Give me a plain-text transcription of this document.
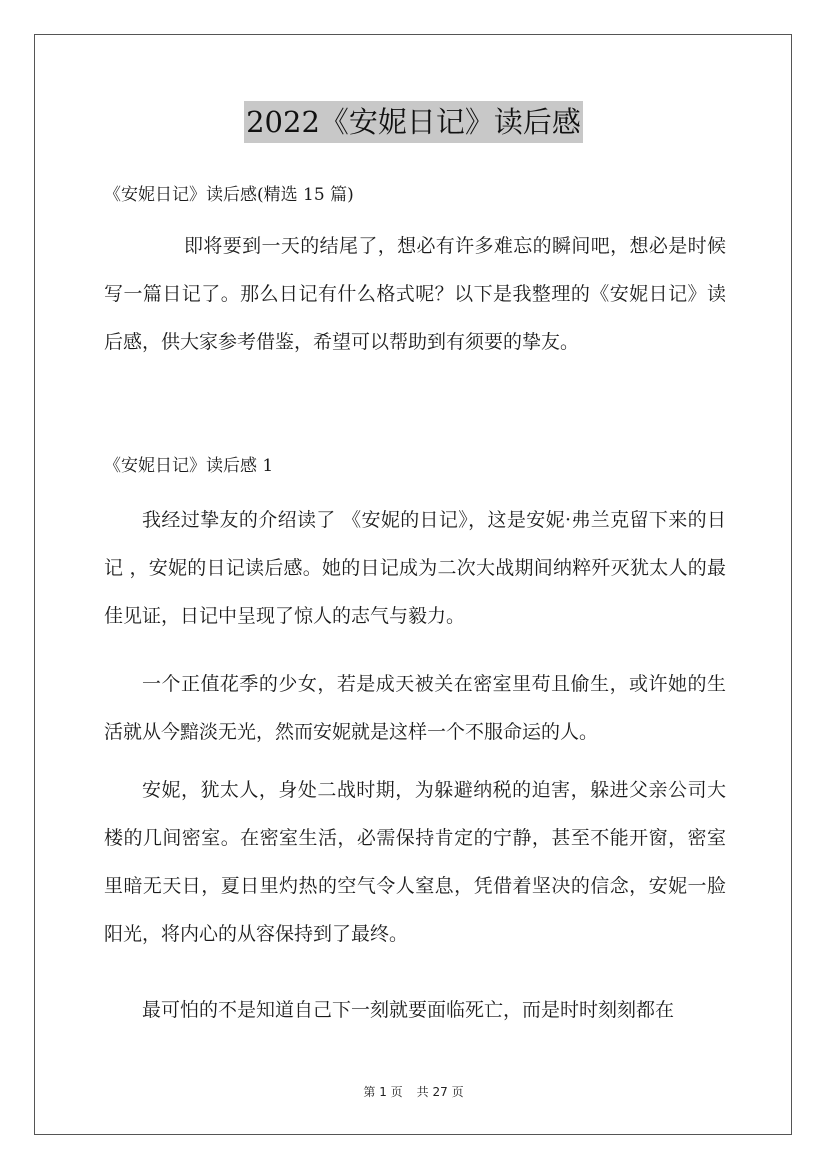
2022《安妮日记》读后感
《安妮日记》读后感(精选 15 篇)

即将要到一天的结尾了，想必有许多难忘的瞬间吧，想必是时候写一篇日记了。那么日记有什么格式呢？以下是我整理的《安妮日记》读后感，供大家参考借鉴，希望可以帮助到有须要的挚友。

《安妮日记》读后感 1

我经过挚友的介绍读了 《安妮的日记》，这是安妮·弗兰克留下来的日记 ，安妮的日记读后感。她的日记成为二次大战期间纳粹歼灭犹太人的最佳见证，日记中呈现了惊人的志气与毅力。

一个正值花季的少女，若是成天被关在密室里苟且偷生，或许她的生活就从今黯淡无光，然而安妮就是这样一个不服命运的人。

安妮，犹太人，身处二战时期，为躲避纳税的迫害，躲进父亲公司大楼的几间密室。在密室生活，必需保持肯定的宁静，甚至不能开窗，密室里暗无天日，夏日里灼热的空气令人窒息，凭借着坚决的信念，安妮一脸阳光，将内心的从容保持到了最终。

最可怕的不是知道自己下一刻就要面临死亡，而是时时刻刻都在

第 1 页 共 27 页
